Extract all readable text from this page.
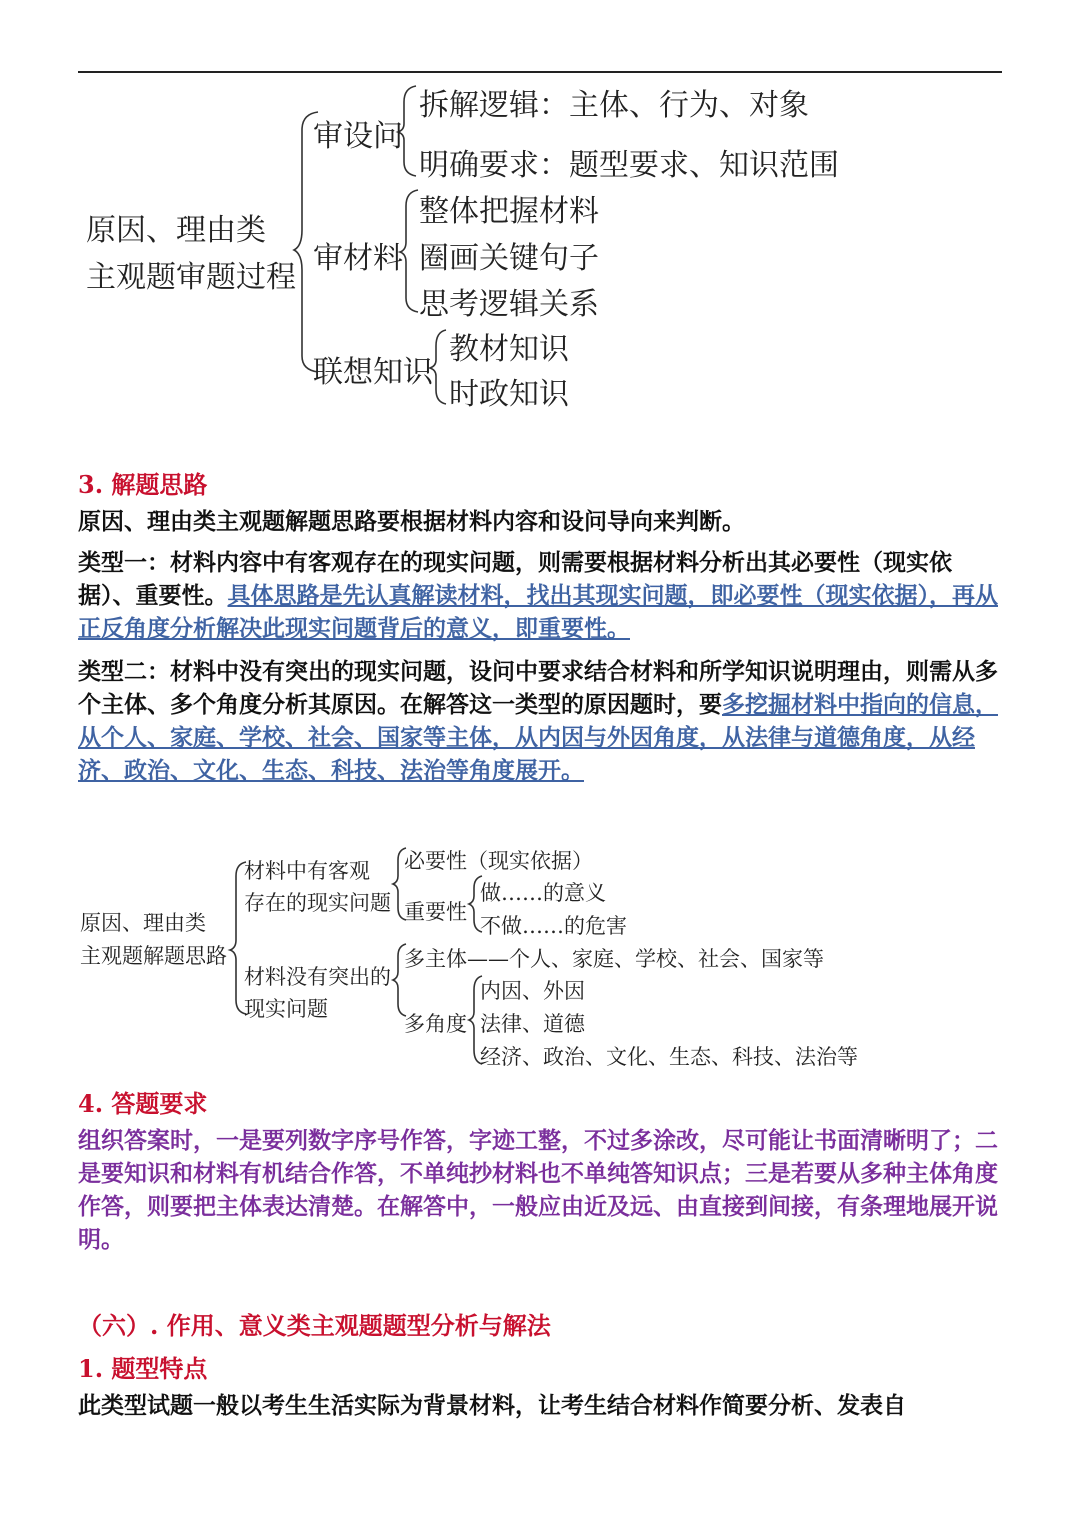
原因、理由类
主观题审题过程
审设问
拆解逻辑：主体、行为、对象
明确要求：题型要求、知识范围
审材料
整体把握材料
圈画关键句子
思考逻辑关系
联想知识
教材知识
时政知识
3. 解题思路
原因、理由类主观题解题思路要根据材料内容和设问导向来判断。
类型一：材料内容中有客观存在的现实问题，则需要根据材料分析出其必要性（现实依据）、重要性。具体思路是先认真解读材料，找出其现实问题，即必要性（现实依据），再从正反角度分析解决此现实问题背后的意义，即重要性。
类型二：材料中没有突出的现实问题，设问中要求结合材料和所学知识说明理由，则需从多个主体、多个角度分析其原因。在解答这一类型的原因题时，要多挖掘材料中指向的信息，从个人、家庭、学校、社会、国家等主体，从内因与外因角度，从法律与道德角度，从经济、政治、文化、生态、科技、法治等角度展开。
原因、理由类
主观题解题思路
材料中有客观
存在的现实问题
必要性（现实依据）
重要性
做……的意义
不做……的危害
材料没有突出的
现实问题
多主体——个人、家庭、学校、社会、国家等
多角度
内因、外因
法律、道德
经济、政治、文化、生态、科技、法治等
4. 答题要求
组织答案时，一是要列数字序号作答，字迹工整，不过多涂改，尽可能让书面清晰明了；二是要知识和材料有机结合作答，不单纯抄材料也不单纯答知识点；三是若要从多种主体角度作答，则要把主体表达清楚。在解答中，一般应由近及远、由直接到间接，有条理地展开说明。
（六）. 作用、意义类主观题题型分析与解法
1. 题型特点
此类型试题一般以考生生活实际为背景材料，让考生结合材料作简要分析、发表自
